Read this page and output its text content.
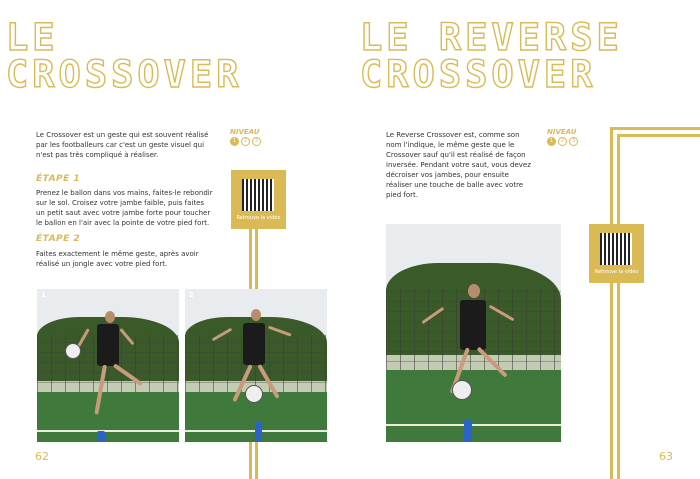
LE
CROSSOVER

Le Crossover est un geste qui est souvent réalisé par les footballeurs car c'est un geste visuel qui n'est pas très compliqué à réaliser.

NIVEAU
1	2	3
ÉTAPE 1

Prenez le ballon dans vos mains, faites-le rebondir sur le sol. Croisez votre jambe faible, puis faites un petit saut avec votre jambe forte pour toucher le ballon en l'air avec la pointe de votre pied fort.

ÉTAPE 2

Faites exactement le même geste, après avoir réalisé un jongle avec votre pied fort.

Retrouve la vidéo
1	2
62
LE REVERSE
CROSSOVER

Le Reverse Crossover est, comme son nom l'indique, le même geste que le Crossover sauf qu'il est réalisé de façon inversée. Pendant votre saut, vous devez décroiser vos jambes, pour ensuite réaliser une touche de balle avec votre pied fort.

NIVEAU
1	2	3
Retrouve la vidéo
63
